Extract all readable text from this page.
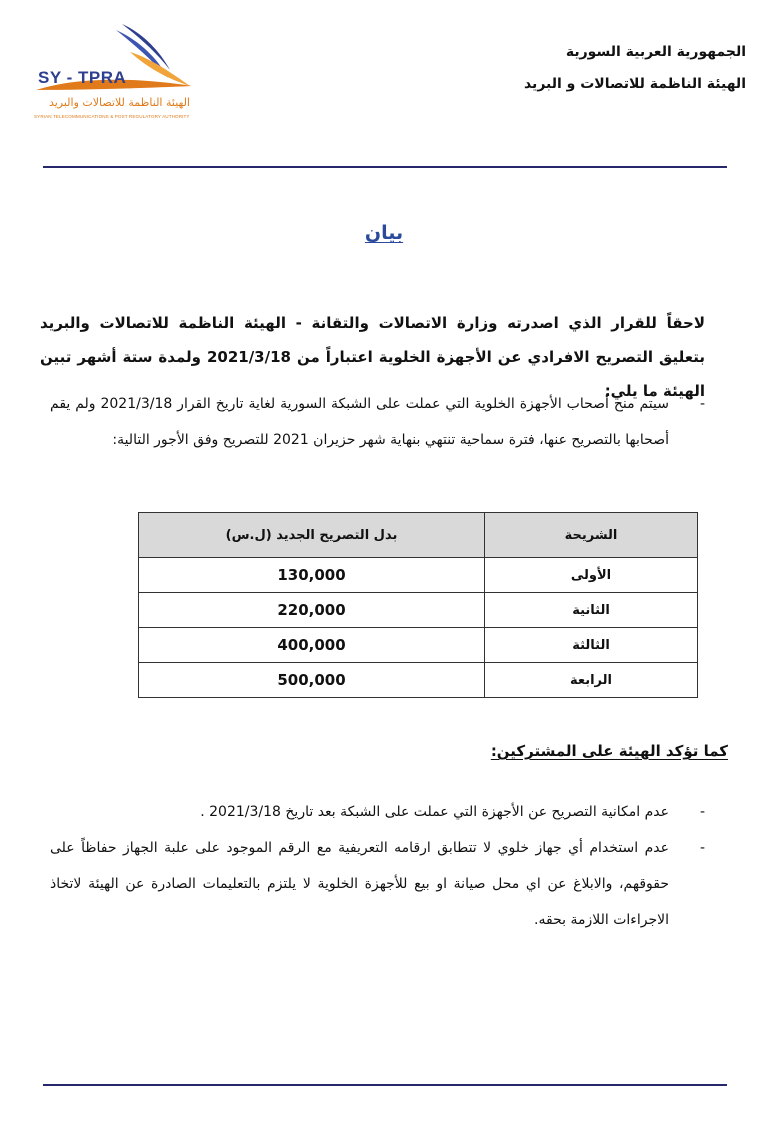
SY - TPRA
الهيئة الناظمة للاتصالات والبريد
SYRIAN TELECOMMUNICATIONS & POST REGULATORY AUTHORITY
الجمهورية العربية السورية
الهيئة الناظمة للاتصالات و البريد
بيان
لاحقاً للقرار الذي اصدرته وزارة الاتصالات والتقانة - الهيئة الناظمة للاتصالات والبريد بتعليق التصريح الافرادي عن الأجهزة الخلوية اعتباراً من 2021/3/18 ولمدة ستة أشهر تبين الهيئة ما يلي:
-
سيتم منح أصحاب الأجهزة الخلوية التي عملت على الشبكة السورية لغاية تاريخ القرار 2021/3/18 ولم يقم أصحابها بالتصريح عنها، فترة سماحية تنتهي بنهاية شهر حزيران 2021 للتصريح وفق الأجور التالية:
الشريحة	بدل التصريح الجديد (ل.س)
الأولى	130,000
الثانية	220,000
الثالثة	400,000
الرابعة	500,000
كما تؤكد الهيئة على المشتركين:
-
عدم امكانية التصريح عن الأجهزة التي عملت على الشبكة بعد تاريخ 2021/3/18 .
-
عدم استخدام أي جهاز خلوي لا تتطابق ارقامه التعريفية مع الرقم الموجود على علبة الجهاز حفاظاً على حقوقهم، والابلاغ عن اي محل صيانة او بيع للأجهزة الخلوية لا يلتزم بالتعليمات الصادرة عن الهيئة لاتخاذ الاجراءات اللازمة بحقه.
